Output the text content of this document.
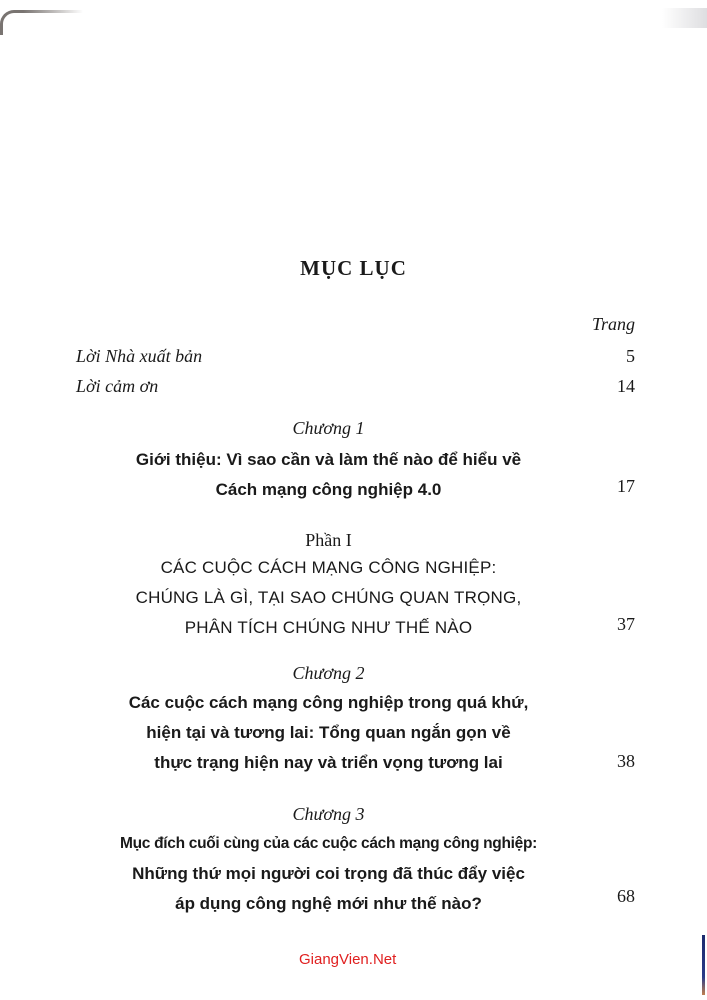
MỤC LỤC
Trang
Lời Nhà xuất bản	5
Lời cảm ơn	14
Chương 1
Giới thiệu: Vì sao cần và làm thế nào để hiểu về
Cách mạng công nghiệp 4.0	17
Phần I
CÁC CUỘC CÁCH MẠNG CÔNG NGHIỆP:
CHÚNG LÀ GÌ, TẠI SAO CHÚNG QUAN TRỌNG,
PHÂN TÍCH CHÚNG NHƯ THẾ NÀO	37
Chương 2
Các cuộc cách mạng công nghiệp trong quá khứ,
hiện tại và tương lai: Tổng quan ngắn gọn về
thực trạng hiện nay và triển vọng tương lai	38
Chương 3
Mục đích cuối cùng của các cuộc cách mạng công nghiệp:
Những thứ mọi người coi trọng đã thúc đẩy việc
áp dụng công nghệ mới như thế nào?	68
GiangVien.Net
